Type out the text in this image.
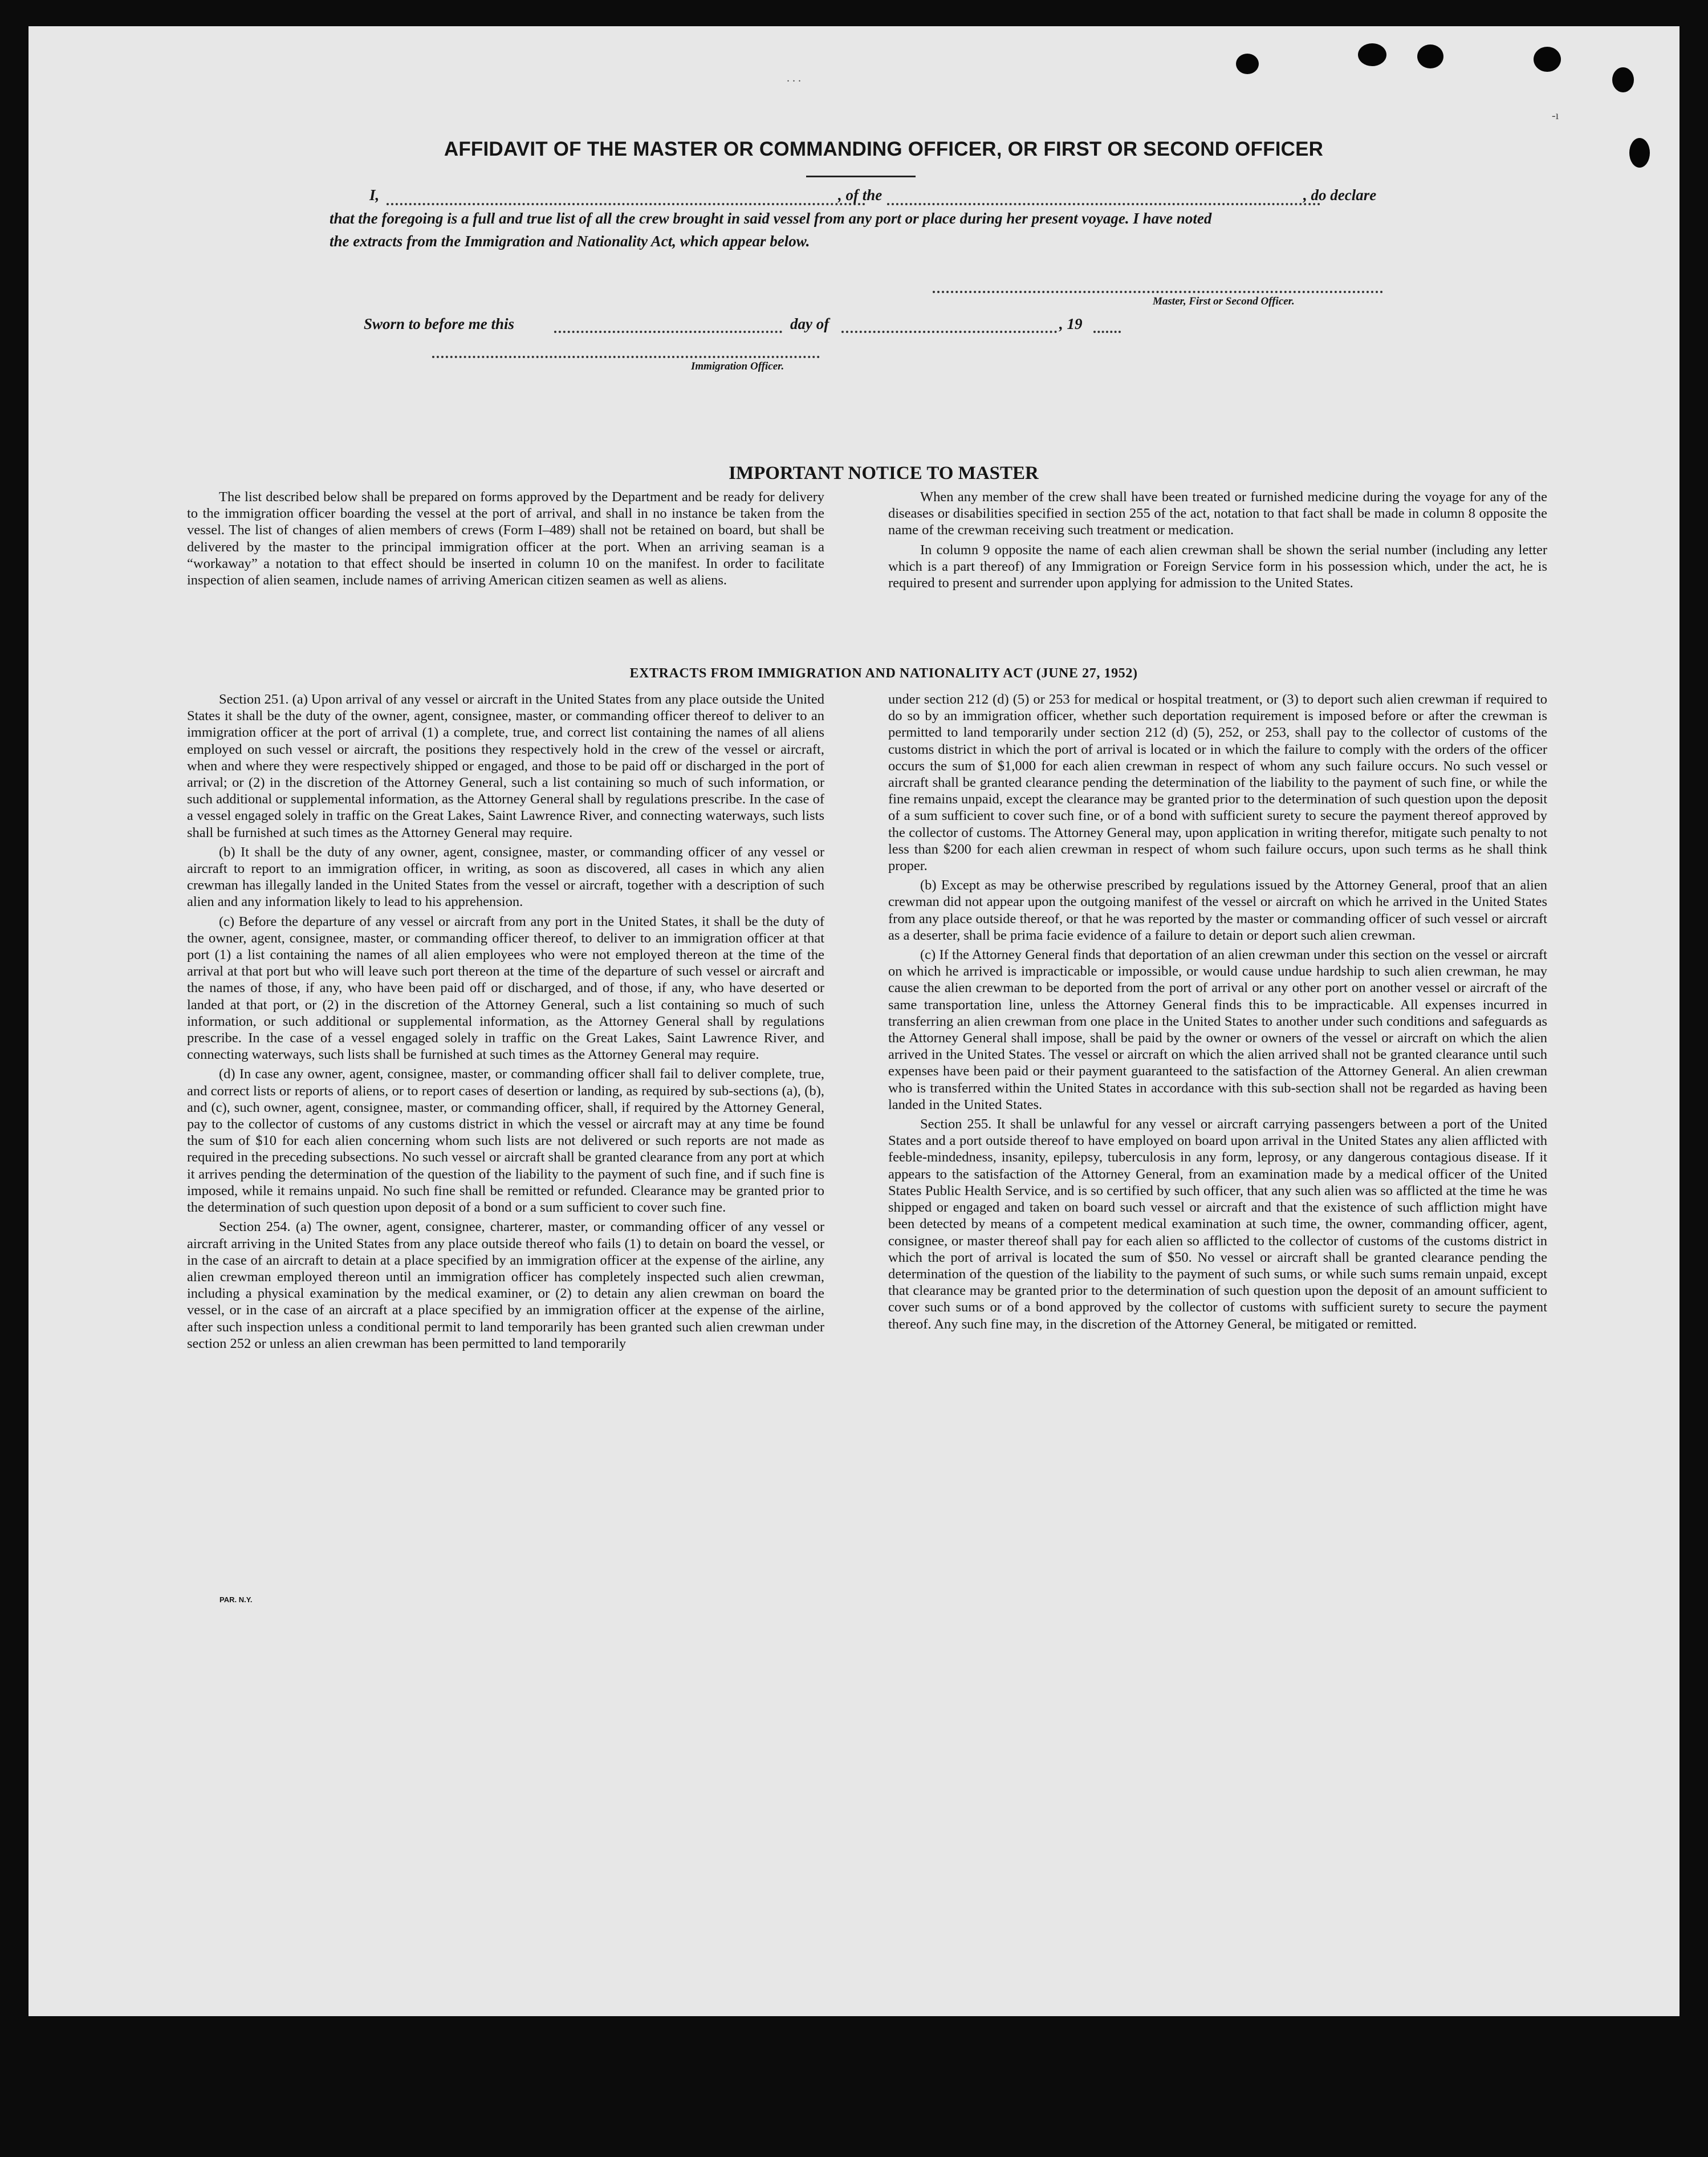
AFFIDAVIT OF THE MASTER OR COMMANDING OFFICER, OR FIRST OR SECOND OFFICER
I,	, of the	, do declare
that the foregoing is a full and true list of all the crew brought in said vessel from any port or place during her present voyage. I have noted
the extracts from the Immigration and Nationality Act, which appear below.
Master, First or Second Officer.
Sworn to before me this	day of	, 19
Immigration Officer.
IMPORTANT NOTICE TO MASTER

The list described below shall be prepared on forms approved by the Department and be ready for delivery to the immigration officer boarding the vessel at the port of arrival, and shall in no instance be taken from the vessel. The list of changes of alien members of crews (Form I–489) shall not be retained on board, but shall be delivered by the master to the principal immigration officer at the port. When an arriving seaman is a “workaway” a notation to that effect should be inserted in column 10 on the manifest. In order to facilitate inspection of alien seamen, include names of arriving American citizen seamen as well as aliens.

When any member of the crew shall have been treated or furnished medicine during the voyage for any of the diseases or disabilities specified in section 255 of the act, notation to that fact shall be made in column 8 opposite the name of the crewman receiving such treatment or medication.

In column 9 opposite the name of each alien crewman shall be shown the serial number (including any letter which is a part thereof) of any Immigration or Foreign Service form in his possession which, under the act, he is required to present and surrender upon applying for admission to the United States.

EXTRACTS FROM IMMIGRATION AND NATIONALITY ACT (JUNE 27, 1952)

Section 251. (a) Upon arrival of any vessel or aircraft in the United States from any place outside the United States it shall be the duty of the owner, agent, consignee, master, or commanding officer thereof to deliver to an immigration officer at the port of arrival (1) a complete, true, and correct list containing the names of all aliens employed on such vessel or aircraft, the positions they respectively hold in the crew of the vessel or aircraft, when and where they were respectively shipped or engaged, and those to be paid off or discharged in the port of arrival; or (2) in the discretion of the Attorney General, such a list containing so much of such information, or such additional or supplemental information, as the Attorney General shall by regulations prescribe. In the case of a vessel engaged solely in traffic on the Great Lakes, Saint Lawrence River, and connecting waterways, such lists shall be furnished at such times as the Attorney General may require.

(b) It shall be the duty of any owner, agent, consignee, master, or commanding officer of any vessel or aircraft to report to an immigration officer, in writing, as soon as discovered, all cases in which any alien crewman has illegally landed in the United States from the vessel or aircraft, together with a description of such alien and any information likely to lead to his apprehension.

(c) Before the departure of any vessel or aircraft from any port in the United States, it shall be the duty of the owner, agent, consignee, master, or commanding officer thereof, to deliver to an immigration officer at that port (1) a list containing the names of all alien employees who were not employed thereon at the time of the arrival at that port but who will leave such port thereon at the time of the departure of such vessel or aircraft and the names of those, if any, who have been paid off or discharged, and of those, if any, who have deserted or landed at that port, or (2) in the discretion of the Attorney General, such a list containing so much of such information, or such additional or supplemental information, as the Attorney General shall by regulations prescribe. In the case of a vessel engaged solely in traffic on the Great Lakes, Saint Lawrence River, and connecting waterways, such lists shall be furnished at such times as the Attorney General may require.

(d) In case any owner, agent, consignee, master, or commanding officer shall fail to deliver complete, true, and correct lists or reports of aliens, or to report cases of desertion or landing, as required by sub-sections (a), (b), and (c), such owner, agent, consignee, master, or commanding officer, shall, if required by the Attorney General, pay to the collector of customs of any customs district in which the vessel or aircraft may at any time be found the sum of $10 for each alien concerning whom such lists are not delivered or such reports are not made as required in the preceding subsections. No such vessel or aircraft shall be granted clearance from any port at which it arrives pending the determination of the question of the liability to the payment of such fine, and if such fine is imposed, while it remains unpaid. No such fine shall be remitted or refunded. Clearance may be granted prior to the determination of such question upon deposit of a bond or a sum sufficient to cover such fine.

Section 254. (a) The owner, agent, consignee, charterer, master, or commanding officer of any vessel or aircraft arriving in the United States from any place outside thereof who fails (1) to detain on board the vessel, or in the case of an aircraft to detain at a place specified by an immigration officer at the expense of the airline, any alien crewman employed thereon until an immigration officer has completely inspected such alien crewman, including a physical examination by the medical examiner, or (2) to detain any alien crewman on board the vessel, or in the case of an aircraft at a place specified by an immigration officer at the expense of the airline, after such inspection unless a conditional permit to land temporarily has been granted such alien crewman under section 252 or unless an alien crewman has been permitted to land temporarily

under section 212 (d) (5) or 253 for medical or hospital treatment, or (3) to deport such alien crewman if required to do so by an immigration officer, whether such deportation requirement is imposed before or after the crewman is permitted to land temporarily under section 212 (d) (5), 252, or 253, shall pay to the collector of customs of the customs district in which the port of arrival is located or in which the failure to comply with the orders of the officer occurs the sum of $1,000 for each alien crewman in respect of whom any such failure occurs. No such vessel or aircraft shall be granted clearance pending the determination of the liability to the payment of such fine, or while the fine remains unpaid, except the clearance may be granted prior to the determination of such question upon the deposit of a sum sufficient to cover such fine, or of a bond with sufficient surety to secure the payment thereof approved by the collector of customs. The Attorney General may, upon application in writing therefor, mitigate such penalty to not less than $200 for each alien crewman in respect of whom such failure occurs, upon such terms as he shall think proper.

(b) Except as may be otherwise prescribed by regulations issued by the Attorney General, proof that an alien crewman did not appear upon the outgoing manifest of the vessel or aircraft on which he arrived in the United States from any place outside thereof, or that he was reported by the master or commanding officer of such vessel or aircraft as a deserter, shall be prima facie evidence of a failure to detain or deport such alien crewman.

(c) If the Attorney General finds that deportation of an alien crewman under this section on the vessel or aircraft on which he arrived is impracticable or impossible, or would cause undue hardship to such alien crewman, he may cause the alien crewman to be deported from the port of arrival or any other port on another vessel or aircraft of the same transportation line, unless the Attorney General finds this to be impracticable. All expenses incurred in transferring an alien crewman from one place in the United States to another under such conditions and safeguards as the Attorney General shall impose, shall be paid by the owner or owners of the vessel or aircraft on which the alien arrived in the United States. The vessel or aircraft on which the alien arrived shall not be granted clearance until such expenses have been paid or their payment guaranteed to the satisfaction of the Attorney General. An alien crewman who is transferred within the United States in accordance with this sub-section shall not be regarded as having been landed in the United States.

Section 255. It shall be unlawful for any vessel or aircraft carrying passengers between a port of the United States and a port outside thereof to have employed on board upon arrival in the United States any alien afflicted with feeble-mindedness, insanity, epilepsy, tuberculosis in any form, leprosy, or any dangerous contagious disease. If it appears to the satisfaction of the Attorney General, from an examination made by a medical officer of the United States Public Health Service, and is so certified by such officer, that any such alien was so afflicted at the time he was shipped or engaged and taken on board such vessel or aircraft and that the existence of such affliction might have been detected by means of a competent medical examination at such time, the owner, commanding officer, agent, consignee, or master thereof shall pay for each alien so afflicted to the collector of customs of the customs district in which the port of arrival is located the sum of $50. No vessel or aircraft shall be granted clearance pending the determination of the question of the liability to the payment of such sums, or while such sums remain unpaid, except that clearance may be granted prior to the determination of such question upon the deposit of an amount sufficient to cover such sums or of a bond approved by the collector of customs with sufficient surety to secure the payment thereof. Any such fine may, in the discretion of the Attorney General, be mitigated or remitted.

PAR. N.Y.
-ı
. . .
